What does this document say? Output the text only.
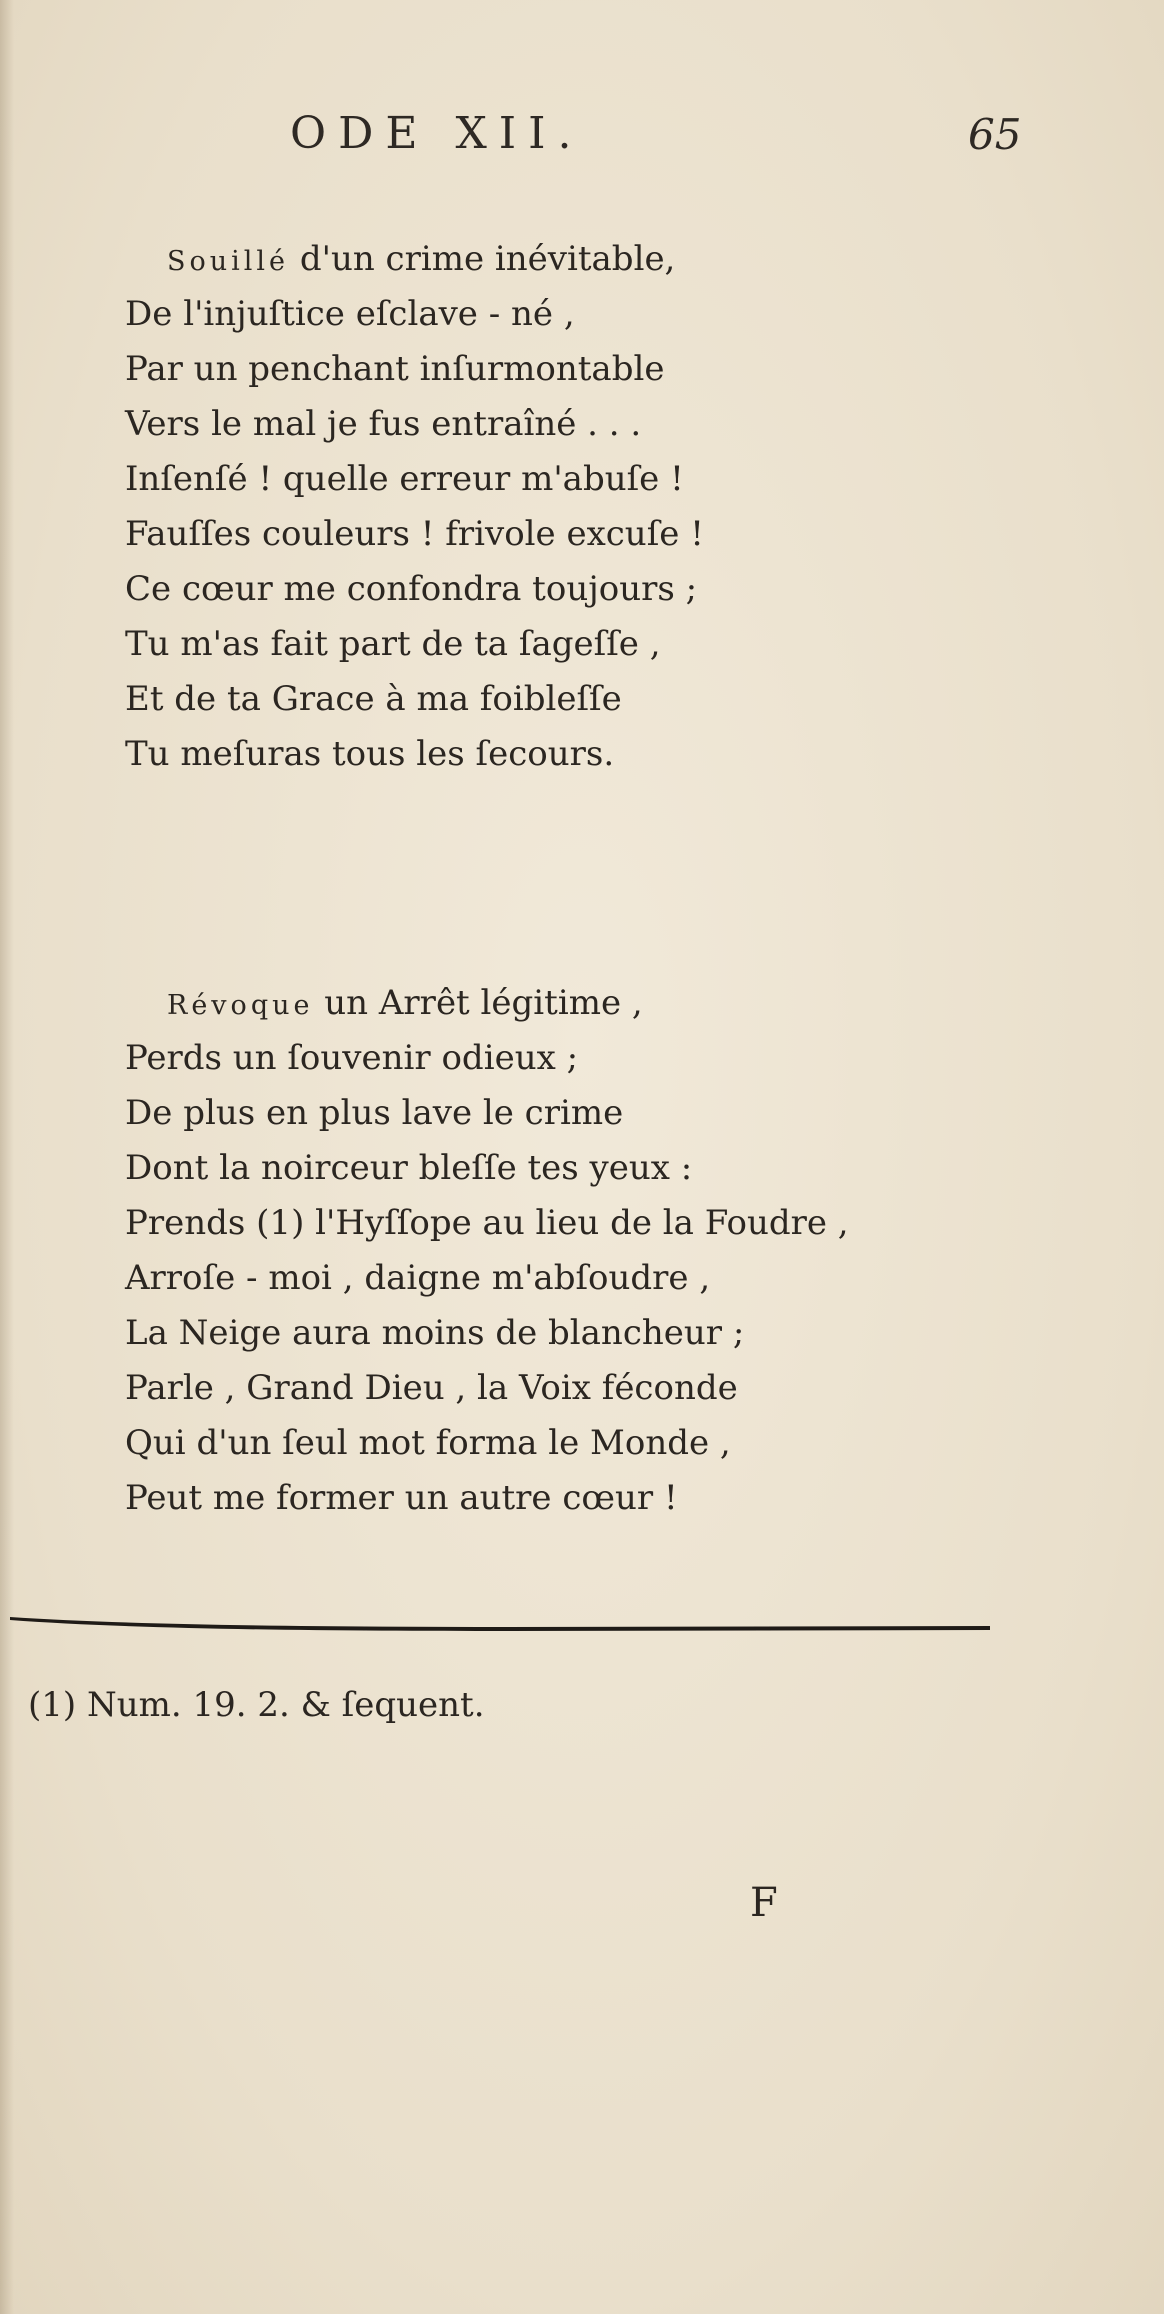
ODE XII.	65
Souillé d'un crime inévitable,
De l'injuſtice eſclave - né ,
Par un penchant inſurmontable
Vers le mal je fus entraîné . . .
Inſenſé ! quelle erreur m'abuſe !
Fauſſes couleurs ! frivole excuſe !
Ce cœur me confondra toujours ;
Tu m'as fait part de ta ſageſſe ,
Et de ta Grace à ma foibleſſe
Tu meſuras tous les ſecours.
Révoque un Arrêt légitime ,
Perds un ſouvenir odieux ;
De plus en plus lave le crime
Dont la noirceur bleſſe tes yeux :
Prends (1) l'Hyſſope au lieu de la Foudre ,
Arroſe - moi , daigne m'abſoudre ,
La Neige aura moins de blancheur ;
Parle , Grand Dieu , la Voix féconde
Qui d'un ſeul mot forma le Monde ,
Peut me former un autre cœur !
(1) Num. 19. 2. & ſequent.
F
